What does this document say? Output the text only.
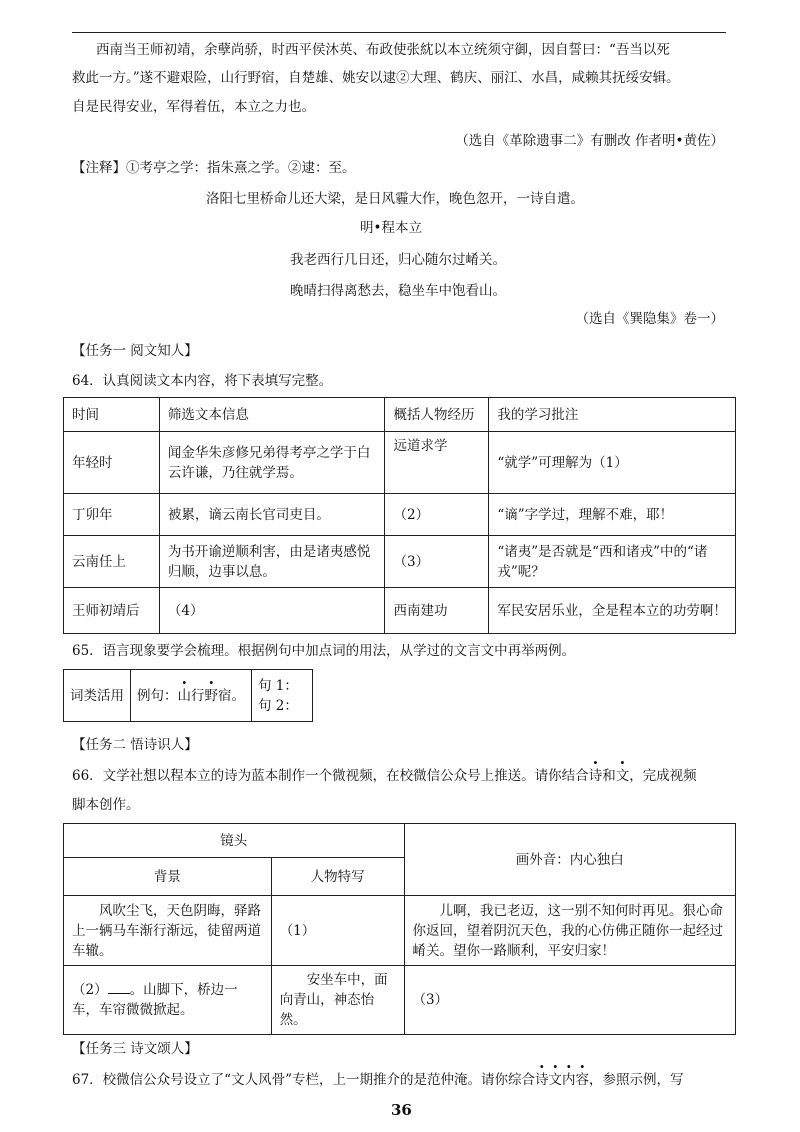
西南当王师初靖，余孽尚骄，时西平侯沐英、布政使张紞以本立统须守御，因自誓曰：“吾当以死
救此一方。”遂不避艰险，山行野宿，自楚雄、姚安以逮②大理、鹤庆、丽江、水昌，咸赖其抚绥安辑。
自是民得安业，军得着伍，本立之力也。
（选自《革除遗事二》有删改 作者明•黄佐）
【注释】①考亭之学：指朱熹之学。②逮：至。
洛阳七里桥命儿还大梁，是日风霾大作，晚色忽开，一诗自遣。
明•程本立
我老西行几日还，归心随尔过崤关。
晚晴扫得离愁去，稳坐车中饱看山。
（选自《巽隐集》卷一）
【任务一 阅文知人】
64．认真阅读文本内容，将下表填写完整。
时间	筛选文本信息	概括人物经历	我的学习批注
年轻时	闻金华朱彦修兄弟得考亭之学于白云许谦，乃往就学焉。	远道求学	“就学”可理解为（1）
丁卯年	被累，谪云南长官司吏目。	（2）	“谪”字学过，理解不难，耶！
云南任上	为书开谕逆顺利害，由是诸夷感悦归顺，边事以息。	（3）	“诸夷”是否就是“西和诸戎”中的“诸戎”呢？
王师初靖后	（4）	西南建功	军民安居乐业，全是程本立的功劳啊！
65．语言现象要学会梳理。根据例句中加点词的用法，从学过的文言文中再举两例。
词类活用	例句：山行野宿。	
句 1：
句 2：
【任务二 悟诗识人】
66．文学社想以程本立的诗为蓝本制作一个微视频，在校微信公众号上推送。请你结合诗和文，完成视频
脚本创作。
镜头		画外音：内心独白
背景	人物特写	
风吹尘飞，天色阴晦，驿路上一辆马车渐行渐远，徒留两道车辙。	（1）	儿啊，我已老迈，这一别不知何时再见。狠心命你返回，望着阴沉天色，我的心仿佛正随你一起经过崤关。望你一路顺利，平安归家！
（2） 。山脚下，桥边一车，车帘微微掀起。	安坐车中，面向青山，神态怡然。	（3）
【任务三 诗文颂人】
67．校微信公众号设立了“文人风骨”专栏，上一期推介的是范仲淹。请你综合诗文内容，参照示例，写
36
